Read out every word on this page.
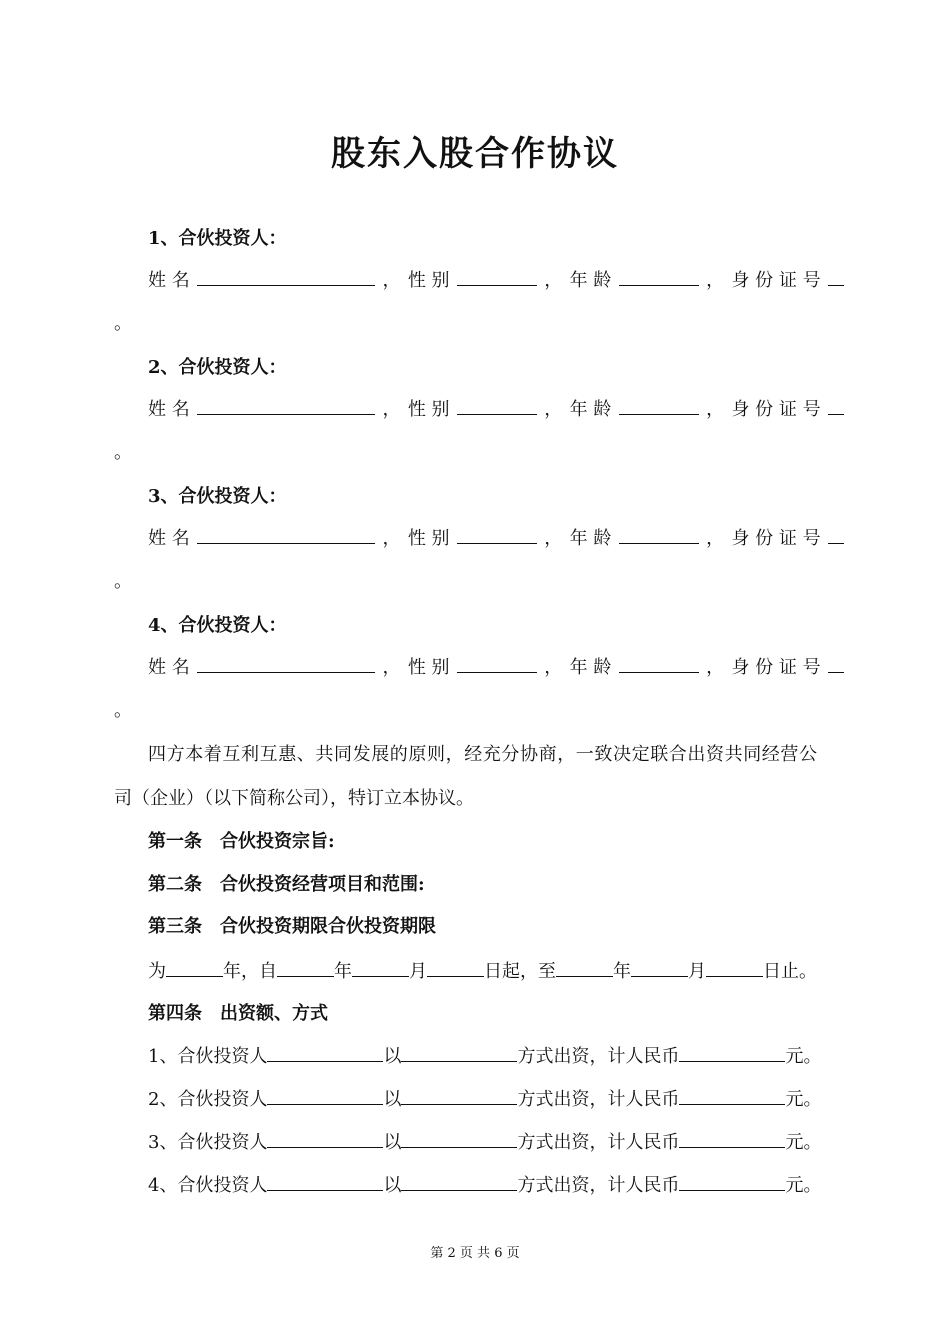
股东入股合作协议
1、合伙投资人：
姓 名	， 性 别	， 年 龄	， 身 份 证 号
。
2、合伙投资人：
姓 名	， 性 别	， 年 龄	， 身 份 证 号
。
3、合伙投资人：
姓 名	， 性 别	， 年 龄	， 身 份 证 号
。
4、合伙投资人：
姓 名	， 性 别	， 年 龄	， 身 份 证 号
。
四方本着互利互惠、共同发展的原则，经充分协商，一致决定联合出资共同经营公
司（企业）（以下简称公司），特订立本协议。
第一条　合伙投资宗旨:
第二条　合伙投资经营项目和范围:
第三条　合伙投资期限合伙投资期限
为	年，自	年	月	日起，至	年	月	日止。
第四条　出资额、方式
1、合伙投资人	以	方式出资，计人民币	元。
2、合伙投资人	以	方式出资，计人民币	元。
3、合伙投资人	以	方式出资，计人民币	元。
4、合伙投资人	以	方式出资，计人民币	元。
第 2 页 共 6 页
